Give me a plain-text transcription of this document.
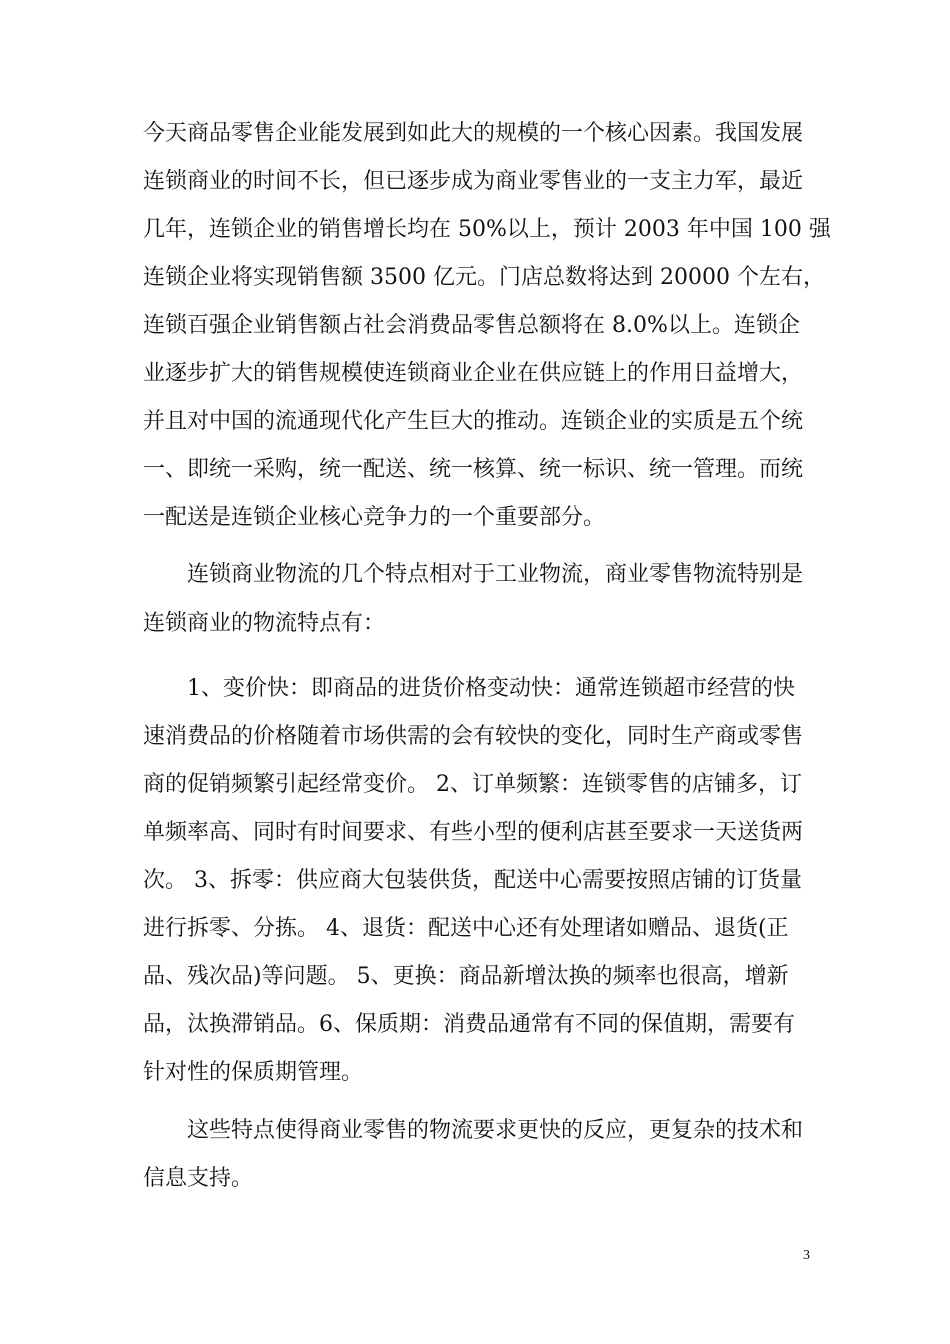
今天商品零售企业能发展到如此大的规模的一个核心因素。我国发展
连锁商业的时间不长，但已逐步成为商业零售业的一支主力军，最近
几年，连锁企业的销售增长均在 50%以上，预计 2003 年中国 100 强
连锁企业将实现销售额 3500 亿元。门店总数将达到 20000 个左右，
连锁百强企业销售额占社会消费品零售总额将在 8.0%以上。连锁企
业逐步扩大的销售规模使连锁商业企业在供应链上的作用日益增大，
并且对中国的流通现代化产生巨大的推动。连锁企业的实质是五个统
一、即统一采购，统一配送、统一核算、统一标识、统一管理。而统
一配送是连锁企业核心竞争力的一个重要部分。
连锁商业物流的几个特点相对于工业物流，商业零售物流特别是
连锁商业的物流特点有：
1、变价快：即商品的进货价格变动快：通常连锁超市经营的快
速消费品的价格随着市场供需的会有较快的变化，同时生产商或零售
商的促销频繁引起经常变价。 2、订单频繁：连锁零售的店铺多，订
单频率高、同时有时间要求、有些小型的便利店甚至要求一天送货两
次。 3、拆零：供应商大包装供货，配送中心需要按照店铺的订货量
进行拆零、分拣。 4、退货：配送中心还有处理诸如赠品、退货(正
品、残次品)等问题。 5、更换：商品新增汰换的频率也很高，增新
品，汰换滞销品。6、保质期：消费品通常有不同的保值期，需要有
针对性的保质期管理。
这些特点使得商业零售的物流要求更快的反应，更复杂的技术和
信息支持。
3
